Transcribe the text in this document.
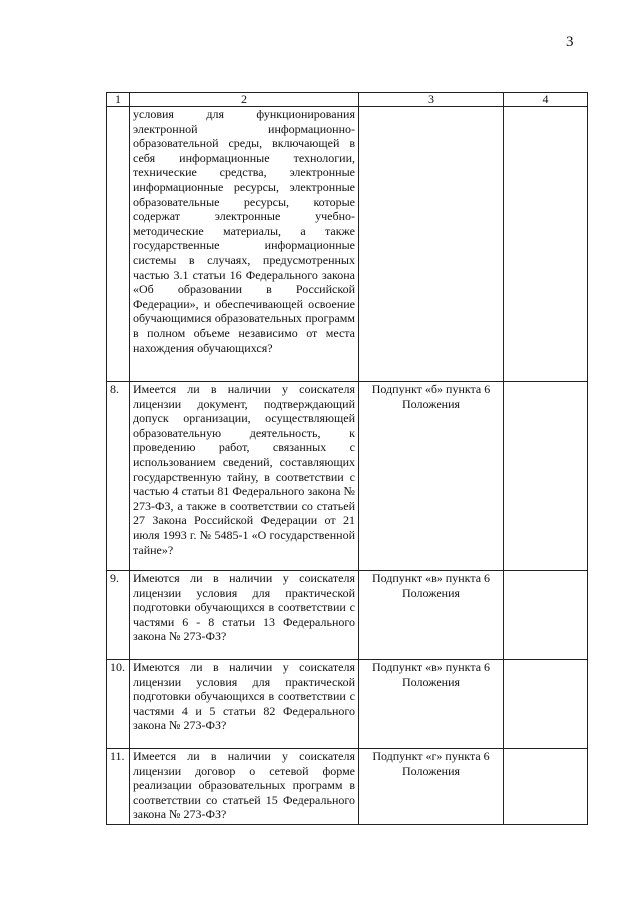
3
1	2	3	4
	условия для функционирования электронной информационно-образовательной среды, включающей в себя информационные технологии, технические средства, электронные информационные ресурсы, электронные образовательные ресурсы, которые содержат электронные учебно-методические материалы, а также государственные информационные системы в случаях, предусмотренных частью 3.1 статьи 16 Федерального закона «Об образовании в Российской Федерации», и обеспечивающей освоение обучающимися образовательных программ в полном объеме независимо от места нахождения обучающихся?		
8.	Имеется ли в наличии у соискателя лицензии документ, подтверждающий допуск организации, осуществляющей образовательную деятельность, к проведению работ, связанных с использованием сведений, составляющих государственную тайну, в соответствии с частью 4 статьи 81 Федерального закона № 273-ФЗ, а также в соответствии со статьей 27 Закона Российской Федерации от 21 июля 1993 г. № 5485-1 «О государственной тайне»?	Подпункт «б» пункта 6 Положения	
9.	Имеются ли в наличии у соискателя лицензии условия для практической подготовки обучающихся в соответствии с частями 6 - 8 статьи 13 Федерального закона № 273-ФЗ?	Подпункт «в» пункта 6 Положения	
10.	Имеются ли в наличии у соискателя лицензии условия для практической подготовки обучающихся в соответствии с частями 4 и 5 статьи 82 Федерального закона № 273-ФЗ?	Подпункт «в» пункта 6 Положения	
11.	Имеется ли в наличии у соискателя лицензии договор о сетевой форме реализации образовательных программ в соответствии со статьей 15 Федерального закона № 273-ФЗ?	Подпункт «г» пункта 6 Положения	
